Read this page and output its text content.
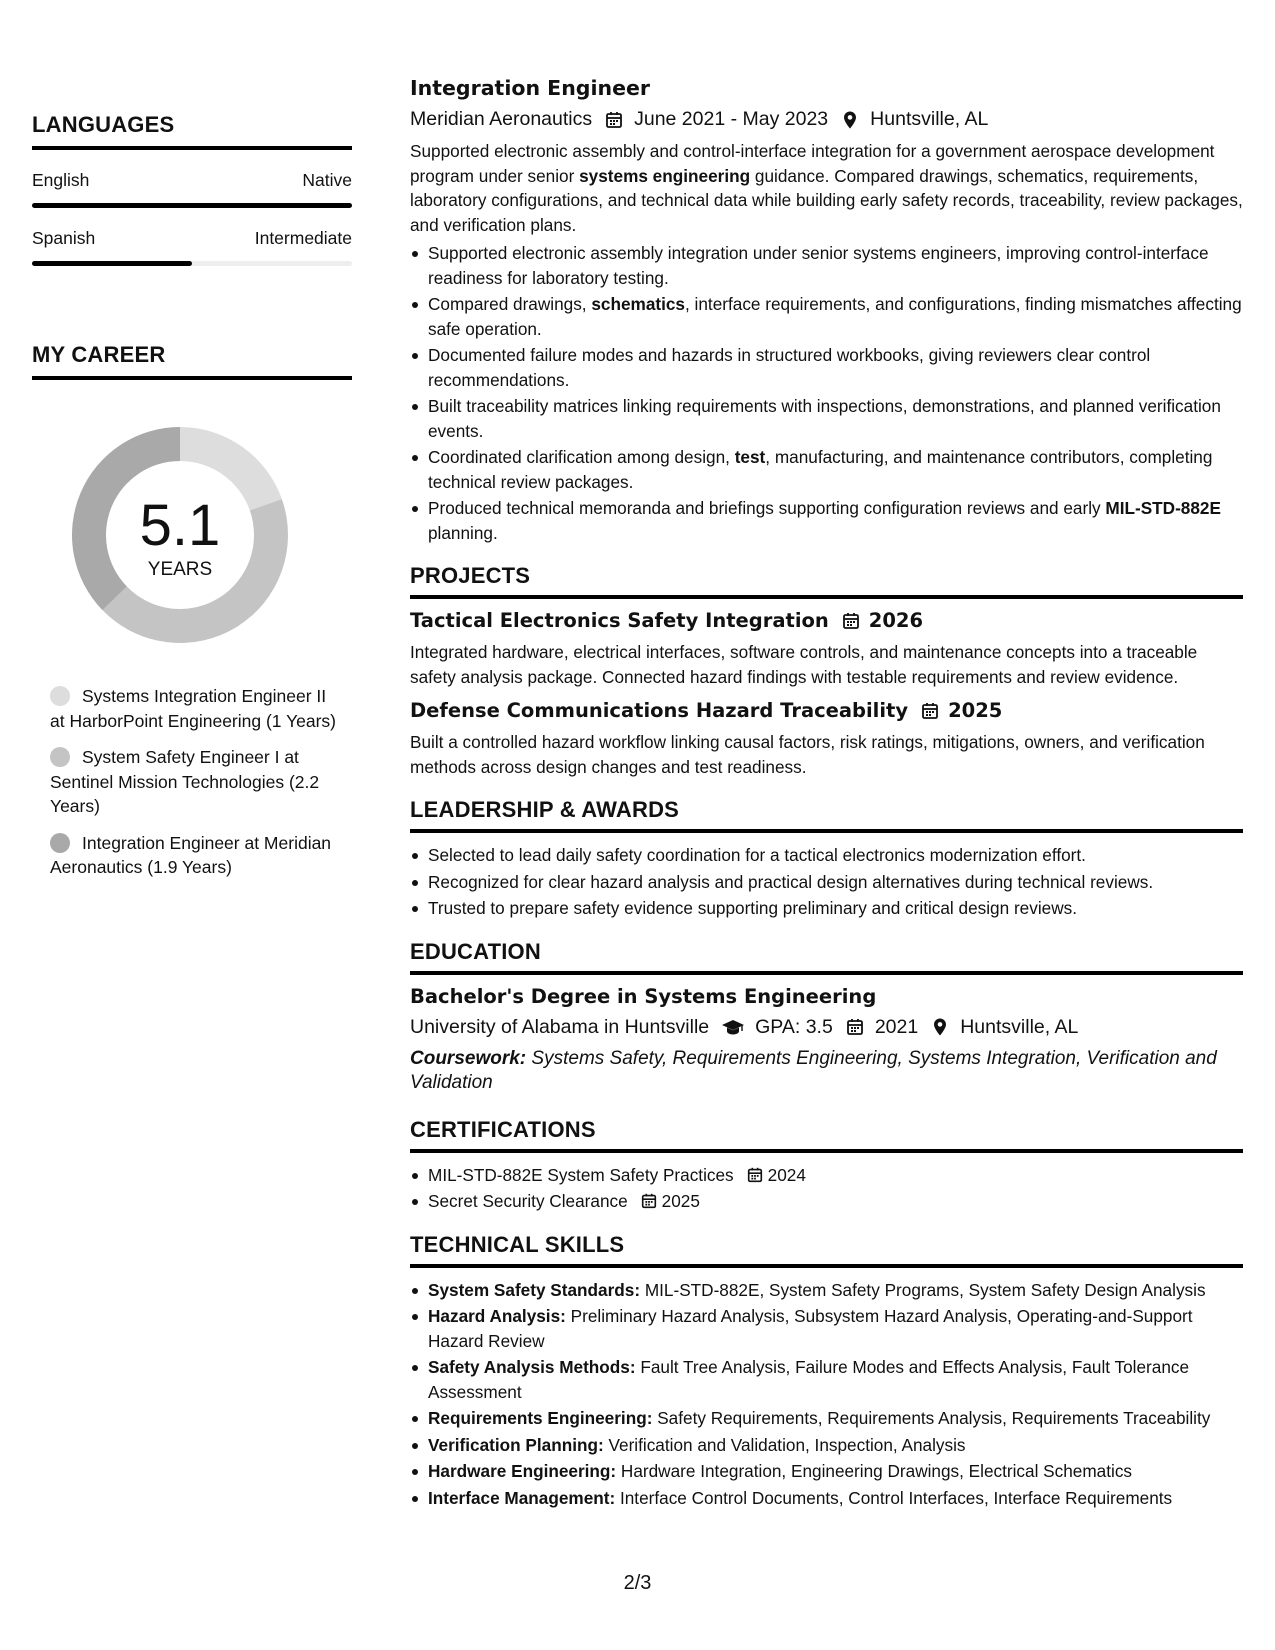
LANGUAGES
English	Native
Spanish	Intermediate
MY CAREER
5.1
YEARS
Systems Integration Engineer II at HarborPoint Engineering (1 Years)
System Safety Engineer I at Sentinel Mission Technologies (2.2 Years)
Integration Engineer at Meridian Aeronautics (1.9 Years)
Integration Engineer
Meridian Aeronautics June 2021 - May 2023 Huntsville, AL

Supported electronic assembly and control-interface integration for a government aerospace development program under senior systems engineering guidance. Compared drawings, schematics, requirements, laboratory configurations, and technical data while building early safety records, traceability, review packages, and verification plans.

Supported electronic assembly integration under senior systems engineers, improving control-interface readiness for laboratory testing.
Compared drawings, schematics, interface requirements, and configurations, finding mismatches affecting safe operation.
Documented failure modes and hazards in structured workbooks, giving reviewers clear control recommendations.
Built traceability matrices linking requirements with inspections, demonstrations, and planned verification events.
Coordinated clarification among design, test, manufacturing, and maintenance contributors, completing technical review packages.
Produced technical memoranda and briefings supporting configuration reviews and early MIL-STD-882E planning.
PROJECTS
Tactical Electronics Safety Integration 2026

Integrated hardware, electrical interfaces, software controls, and maintenance concepts into a traceable safety analysis package. Connected hazard findings with testable requirements and review evidence.

Defense Communications Hazard Traceability 2025

Built a controlled hazard workflow linking causal factors, risk ratings, mitigations, owners, and verification methods across design changes and test readiness.

LEADERSHIP & AWARDS
Selected to lead daily safety coordination for a tactical electronics modernization effort.
Recognized for clear hazard analysis and practical design alternatives during technical reviews.
Trusted to prepare safety evidence supporting preliminary and critical design reviews.
EDUCATION
Bachelor's Degree in Systems Engineering
University of Alabama in Huntsville GPA: 3.5 2021 Huntsville, AL

Coursework: Systems Safety, Requirements Engineering, Systems Integration, Verification and Validation

CERTIFICATIONS
MIL-STD-882E System Safety Practices 2024
Secret Security Clearance 2025
TECHNICAL SKILLS
System Safety Standards: MIL-STD-882E, System Safety Programs, System Safety Design Analysis
Hazard Analysis: Preliminary Hazard Analysis, Subsystem Hazard Analysis, Operating-and-Support Hazard Review
Safety Analysis Methods: Fault Tree Analysis, Failure Modes and Effects Analysis, Fault Tolerance Assessment
Requirements Engineering: Safety Requirements, Requirements Analysis, Requirements Traceability
Verification Planning: Verification and Validation, Inspection, Analysis
Hardware Engineering: Hardware Integration, Engineering Drawings, Electrical Schematics
Interface Management: Interface Control Documents, Control Interfaces, Interface Requirements
2/3
